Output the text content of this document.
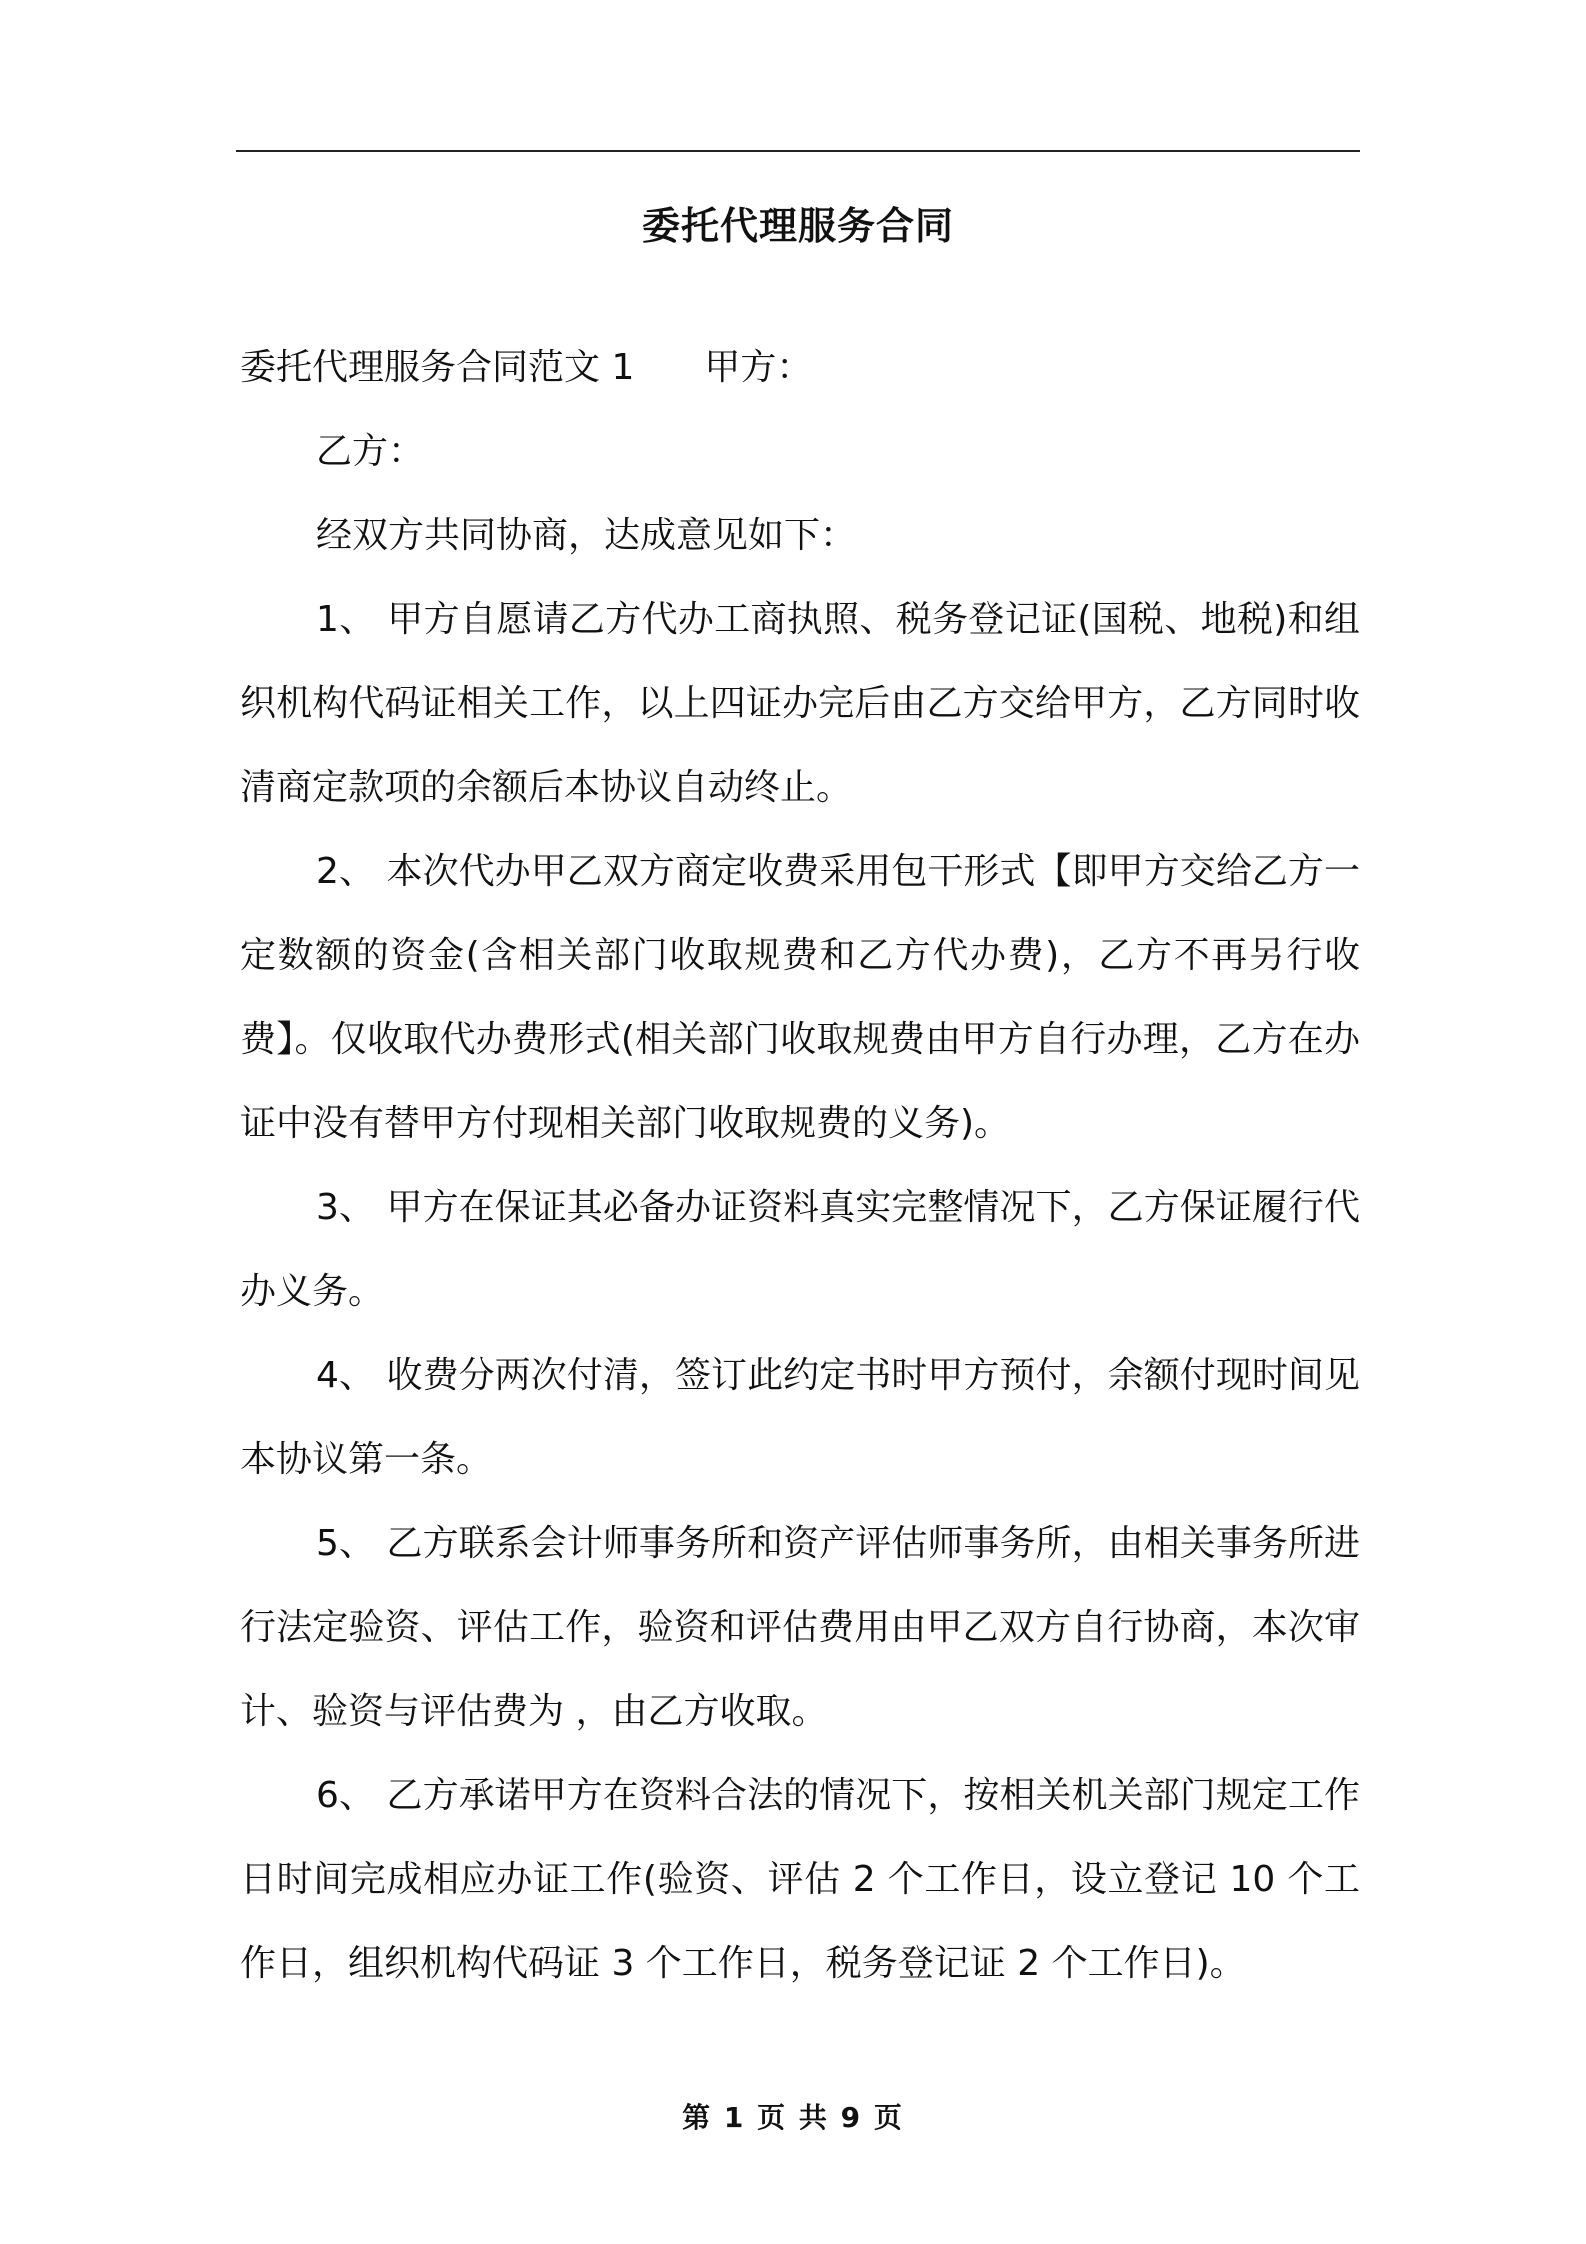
委托代理服务合同

委托代理服务合同范文 1 甲方：

乙方：

经双方共同协商，达成意见如下：

1、 甲方自愿请乙方代办工商执照、税务登记证(国税、地税)和组织机构代码证相关工作，以上四证办完后由乙方交给甲方，乙方同时收清商定款项的余额后本协议自动终止。

2、 本次代办甲乙双方商定收费采用包干形式【即甲方交给乙方一定数额的资金(含相关部门收取规费和乙方代办费)，乙方不再另行收费】。仅收取代办费形式(相关部门收取规费由甲方自行办理，乙方在办证中没有替甲方付现相关部门收取规费的义务)。

3、 甲方在保证其必备办证资料真实完整情况下，乙方保证履行代办义务。

4、 收费分两次付清，签订此约定书时甲方预付，余额付现时间见本协议第一条。

5、 乙方联系会计师事务所和资产评估师事务所，由相关事务所进行法定验资、评估工作，验资和评估费用由甲乙双方自行协商，本次审计、验资与评估费为 ，由乙方收取。

6、 乙方承诺甲方在资料合法的情况下，按相关机关部门规定工作日时间完成相应办证工作(验资、评估 2 个工作日，设立登记 10 个工作日，组织机构代码证 3 个工作日，税务登记证 2 个工作日)。

第 1 页 共 9 页
